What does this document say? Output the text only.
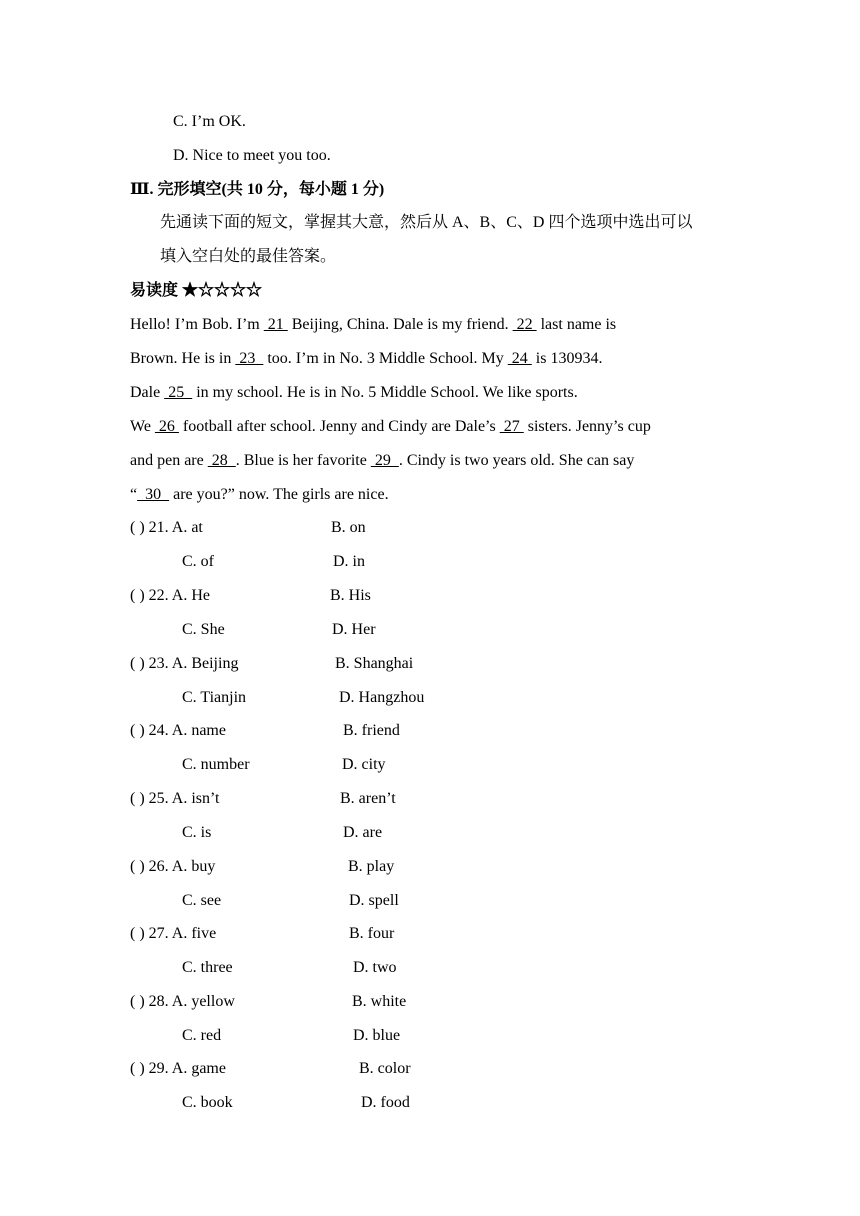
C. I’m OK.
D. Nice to meet you too.
Ⅲ. 完形填空(共 10 分，每小题 1 分)
先通读下面的短文，掌握其大意，然后从 A、B、C、D 四个选项中选出可以
填入空白处的最佳答案。
易读度 ★☆☆☆☆
Hello! I’m Bob. I’m  21  Beijing, China. Dale is my friend.  22  last name is
Brown. He is in  23   too. I’m in No. 3 Middle School. My  24  is 130934.
Dale  25   in my school. He is in No. 5 Middle School. We like sports.
We  26  football after school. Jenny and Cindy are Dale’s  27  sisters. Jenny’s cup
and pen are  28  . Blue is her favorite  29  . Cindy is two years old. She can say
“  30   are you?” now. The girls are nice.
( ) 21. A. at	B. on
C. of	D. in
( ) 22. A. He	B. His
C. She	D. Her
( ) 23. A. Beijing	B. Shanghai
C. Tianjin	D. Hangzhou
( ) 24. A. name	B. friend
C. number	D. city
( ) 25. A. isn’t	B. aren’t
C. is	D. are
( ) 26. A. buy	B. play
C. see	D. spell
( ) 27. A. five	B. four
C. three	D. two
( ) 28. A. yellow	B. white
C. red	D. blue
( ) 29. A. game	B. color
C. book	D. food
